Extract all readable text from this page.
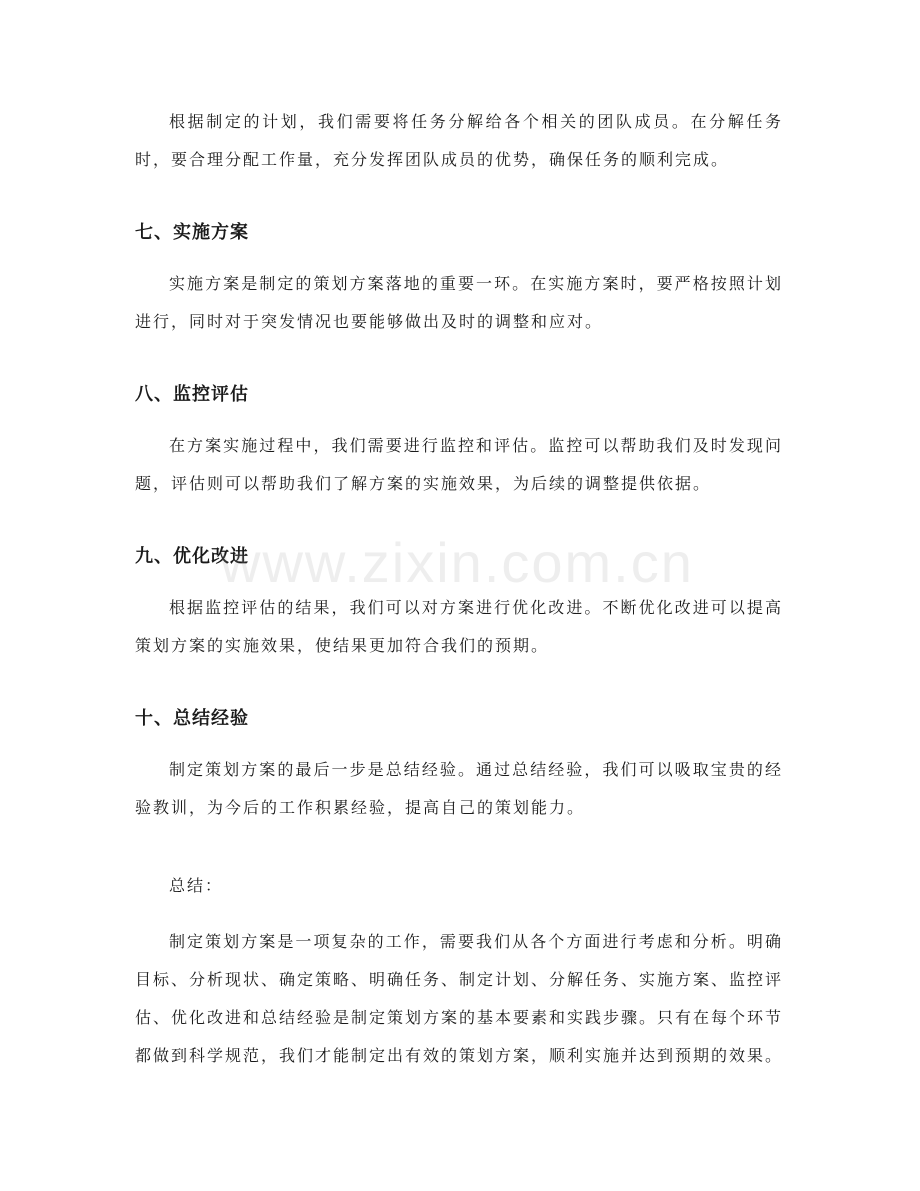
根据制定的计划，我们需要将任务分解给各个相关的团队成员。在分解任务时，要合理分配工作量，充分发挥团队成员的优势，确保任务的顺利完成。

七、实施方案

实施方案是制定的策划方案落地的重要一环。在实施方案时，要严格按照计划进行，同时对于突发情况也要能够做出及时的调整和应对。

八、监控评估

在方案实施过程中，我们需要进行监控和评估。监控可以帮助我们及时发现问题，评估则可以帮助我们了解方案的实施效果，为后续的调整提供依据。

九、优化改进

根据监控评估的结果，我们可以对方案进行优化改进。不断优化改进可以提高策划方案的实施效果，使结果更加符合我们的预期。

十、总结经验

制定策划方案的最后一步是总结经验。通过总结经验，我们可以吸取宝贵的经验教训，为今后的工作积累经验，提高自己的策划能力。

总结：

制定策划方案是一项复杂的工作，需要我们从各个方面进行考虑和分析。明确目标、分析现状、确定策略、明确任务、制定计划、分解任务、实施方案、监控评估、优化改进和总结经验是制定策划方案的基本要素和实践步骤。只有在每个环节都做到科学规范，我们才能制定出有效的策划方案，顺利实施并达到预期的效果。

www.zixin.com.cn
